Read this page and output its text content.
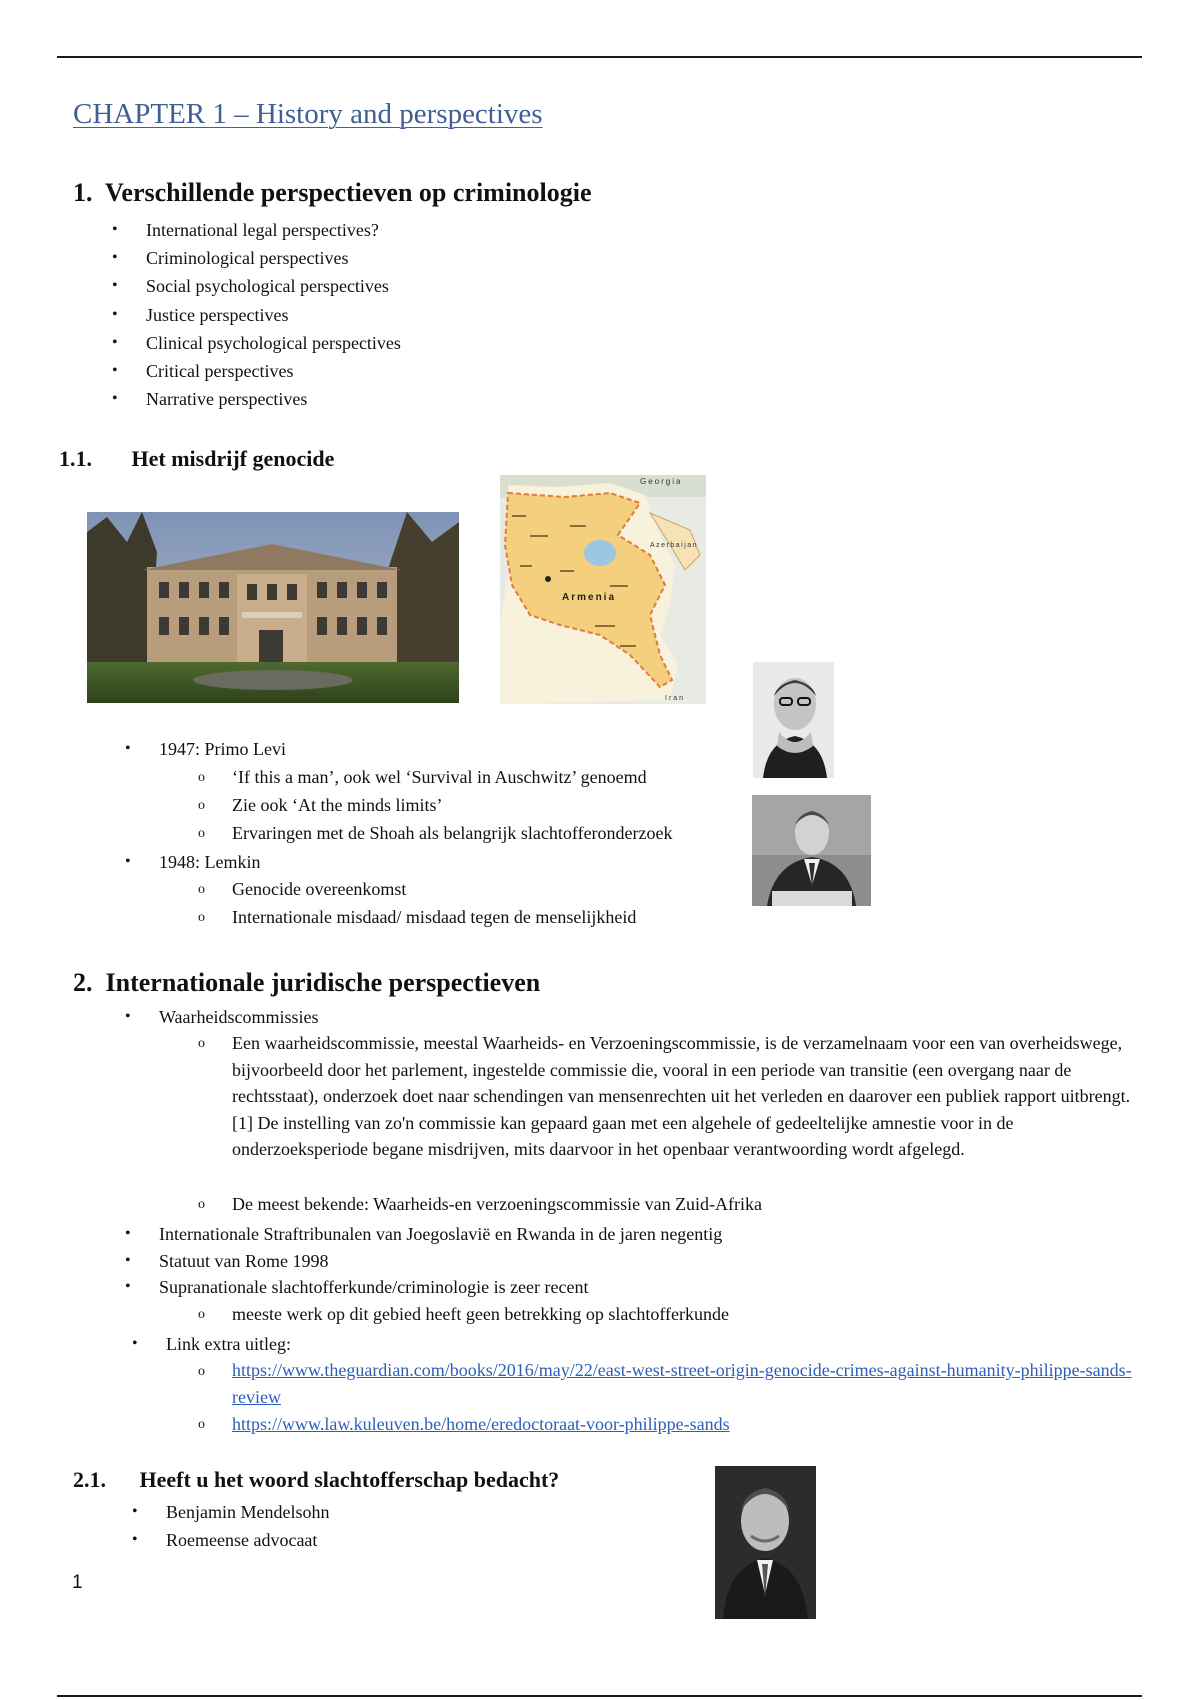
CHAPTER 1 – History and perspectives
1. Verschillende perspectieven op criminologie
• International legal perspectives?
• Criminological perspectives
• Social psychological perspectives
• Justice perspectives
• Clinical psychological perspectives
• Critical perspectives
• Narrative perspectives
1.1. Het misdrijf genocide
Georgia
Armenia
Azerbaijan
Iran
• 1947: Primo Levi
o ‘If this a man’, ook wel ‘Survival in Auschwitz’ genoemd
o Zie ook ‘At the minds limits’
o Ervaringen met de Shoah als belangrijk slachtofferonderzoek
• 1948: Lemkin
o Genocide overeenkomst
o Internationale misdaad/ misdaad tegen de menselijkheid
2. Internationale juridische perspectieven
• Waarheidscommissies
o Een waarheidscommissie, meestal Waarheids- en Verzoeningscommissie, is de verzamelnaam voor een van overheidswege, bijvoorbeeld door het parlement, ingestelde commissie die, vooral in een periode van transitie (een overgang naar de rechtsstaat), onderzoek doet naar schendingen van mensenrechten uit het verleden en daarover een publiek rapport uitbrengt.[1] De instelling van zo'n commissie kan gepaard gaan met een algehele of gedeeltelijke amnestie voor in de onderzoeksperiode begane misdrijven, mits daarvoor in het openbaar verantwoording wordt afgelegd.
o De meest bekende: Waarheids-en verzoeningscommissie van Zuid-Afrika
• Internationale Straftribunalen van Joegoslavië en Rwanda in de jaren negentig
• Statuut van Rome 1998
• Supranationale slachtofferkunde/criminologie is zeer recent
o meeste werk op dit gebied heeft geen betrekking op slachtofferkunde
• Link extra uitleg:
o https://www.theguardian.com/books/2016/may/22/east-west-street-origin-genocide-crimes-against-humanity-philippe-sands-review
o https://www.law.kuleuven.be/home/eredoctoraat-voor-philippe-sands
2.1. Heeft u het woord slachtofferschap bedacht?
• Benjamin Mendelsohn
• Roemeense advocaat
1
